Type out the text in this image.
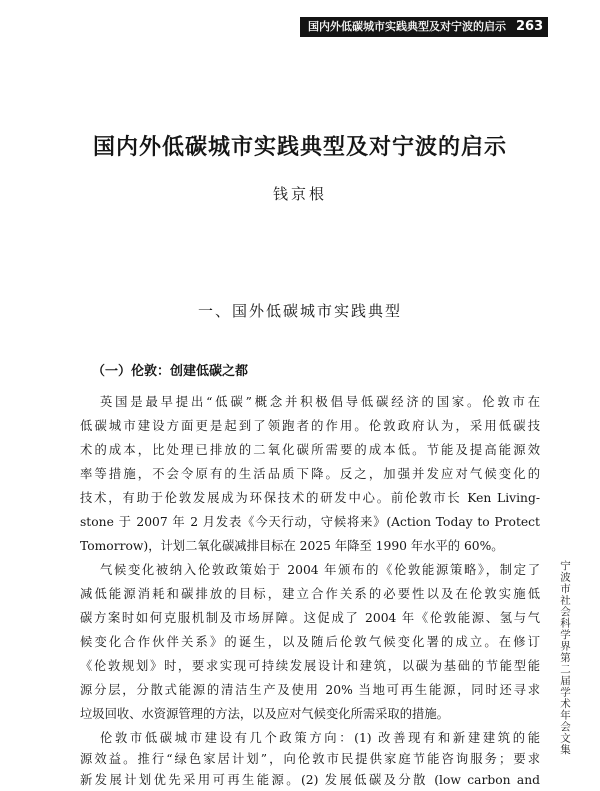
国内外低碳城市实践典型及对宁波的启示 263
国内外低碳城市实践典型及对宁波的启示
钱京根
一、国外低碳城市实践典型
（一）伦敦：创建低碳之都
英国是最早提出“低碳”概念并积极倡导低碳经济的国家。伦敦市在
低碳城市建设方面更是起到了领跑者的作用。伦敦政府认为，采用低碳技
术的成本，比处理已排放的二氧化碳所需要的成本低。节能及提高能源效
率等措施，不会令原有的生活品质下降。反之，加强并发应对气候变化的
技术，有助于伦敦发展成为环保技术的研发中心。前伦敦市长 Ken Living-
stone 于 2007 年 2 月发表《今天行动，守候将来》(Action Today to Protect
Tomorrow)，计划二氧化碳减排目标在 2025 年降至 1990 年水平的 60%。
气候变化被纳入伦敦政策始于 2004 年颁布的《伦敦能源策略》，制定了
减低能源消耗和碳排放的目标，建立合作关系的必要性以及在伦敦实施低
碳方案时如何克服机制及市场屏障。这促成了 2004 年《伦敦能源、氢与气
候变化合作伙伴关系》的诞生，以及随后伦敦气候变化署的成立。在修订
《伦敦规划》时，要求实现可持续发展设计和建筑，以碳为基础的节能型能
源分层，分散式能源的清洁生产及使用 20% 当地可再生能源，同时还寻求
垃圾回收、水资源管理的方法，以及应对气候变化所需采取的措施。
伦敦市低碳城市建设有几个政策方向：(1) 改善现有和新建建筑的能
源效益。推行“绿色家居计划”，向伦敦市民提供家庭节能咨询服务；要求
新发展计划优先采用可再生能源。(2) 发展低碳及分散 (low carbon and
宁波市社会科学界第二届学术年会文集
